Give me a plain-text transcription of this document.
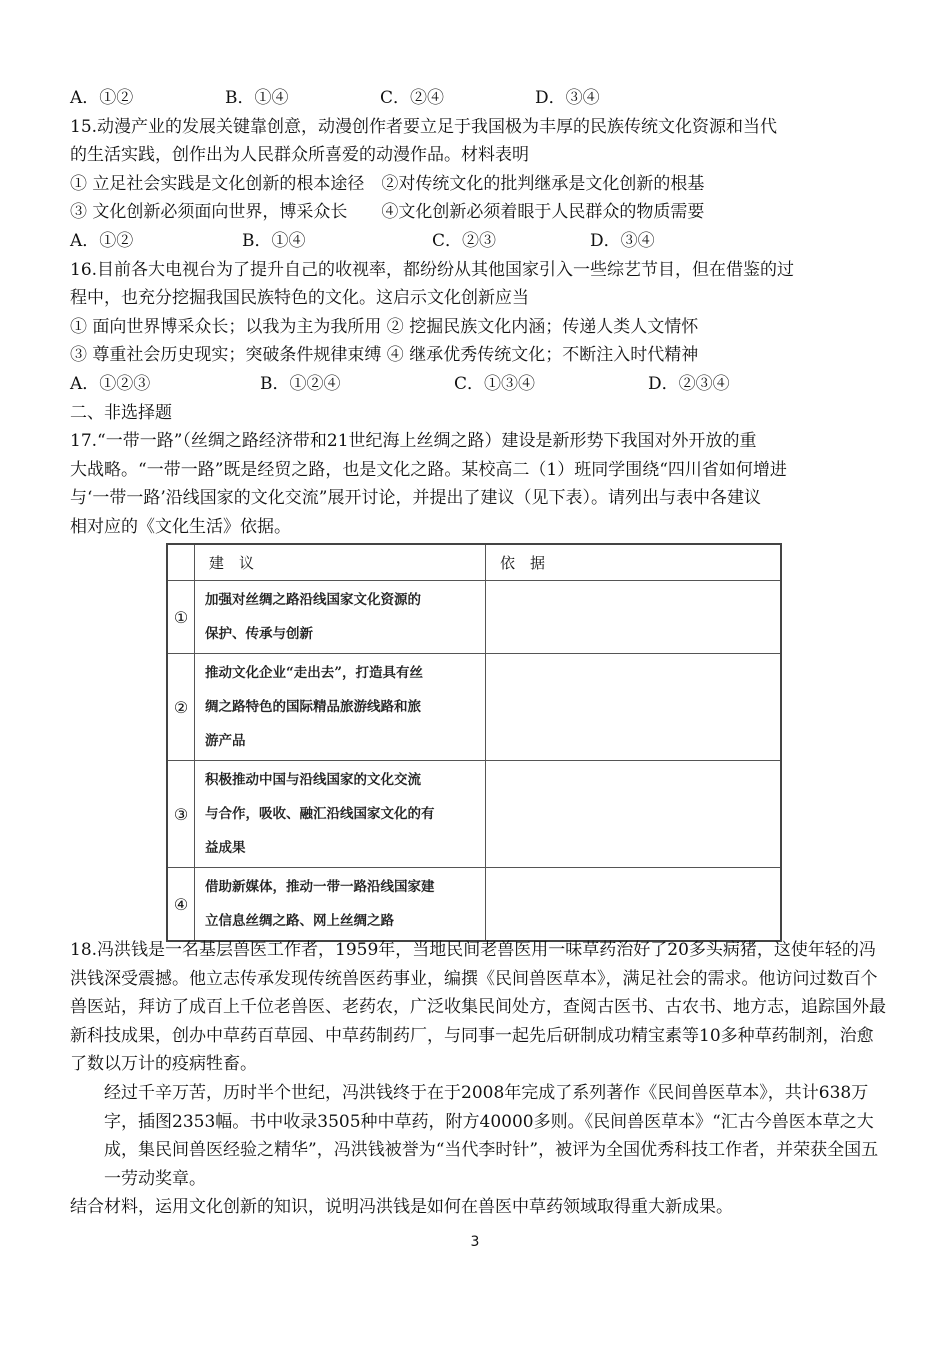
A．①②	B．①④	C．②④	D．③④
15.动漫产业的发展关键靠创意，动漫创作者要立足于我国极为丰厚的民族传统文化资源和当代
的生活实践，创作出为人民群众所喜爱的动漫作品。材料表明
① 立足社会实践是文化创新的根本途径　②对传统文化的批判继承是文化创新的根基
③ 文化创新必须面向世界，博采众长　　④文化创新必须着眼于人民群众的物质需要
A．①②	B．①④	C．②③	D．③④
16.目前各大电视台为了提升自己的收视率，都纷纷从其他国家引入一些综艺节目，但在借鉴的过
程中，也充分挖掘我国民族特色的文化。这启示文化创新应当
① 面向世界博采众长；以我为主为我所用 ② 挖掘民族文化内涵；传递人类人文情怀
③ 尊重社会历史现实；突破条件规律束缚 ④ 继承优秀传统文化；不断注入时代精神
A．①②③	B．①②④	C．①③④	D．②③④
二、非选择题
17.“一带一路”（丝绸之路经济带和21世纪海上丝绸之路）建设是新形势下我国对外开放的重
大战略。“一带一路”既是经贸之路，也是文化之路。某校高二（1）班同学围绕“四川省如何增进
与‘一带一路’沿线国家的文化交流”展开讨论，并提出了建议（见下表）。请列出与表中各建议
相对应的《文化生活》依据。
	建　议	依　据
①	加强对丝绸之路沿线国家文化资源的
保护、传承与创新	

②	推动文化企业“走出去”，打造具有丝
绸之路特色的国际精品旅游线路和旅
游产品	

③	积极推动中国与沿线国家的文化交流
与合作，吸收、融汇沿线国家文化的有
益成果	

④	借助新媒体，推动一带一路沿线国家建
立信息丝绸之路、网上丝绸之路	

18.冯洪钱是一名基层兽医工作者，1959年，当地民间老兽医用一味草药治好了20多头病猪，这使年轻的冯洪钱深受震撼。他立志传承发现传统兽医药事业，编撰《民间兽医草本》，满足社会的需求。他访问过数百个兽医站，拜访了成百上千位老兽医、老药农，广泛收集民间处方，查阅古医书、古农书、地方志，追踪国外最新科技成果，创办中草药百草园、中草药制药厂，与同事一起先后研制成功精宝素等10多种草药制剂，治愈了数以万计的疫病牲畜。
经过千辛万苦，历时半个世纪，冯洪钱终于在于2008年完成了系列著作《民间兽医草本》，共计638万字，插图2353幅。书中收录3505种中草药，附方40000多则。《民间兽医草本》“汇古今兽医本草之大成，集民间兽医经验之精华”，冯洪钱被誉为“当代李时针”，被评为全国优秀科技工作者，并荣获全国五一劳动奖章。
结合材料，运用文化创新的知识，说明冯洪钱是如何在兽医中草药领域取得重大新成果。
3
